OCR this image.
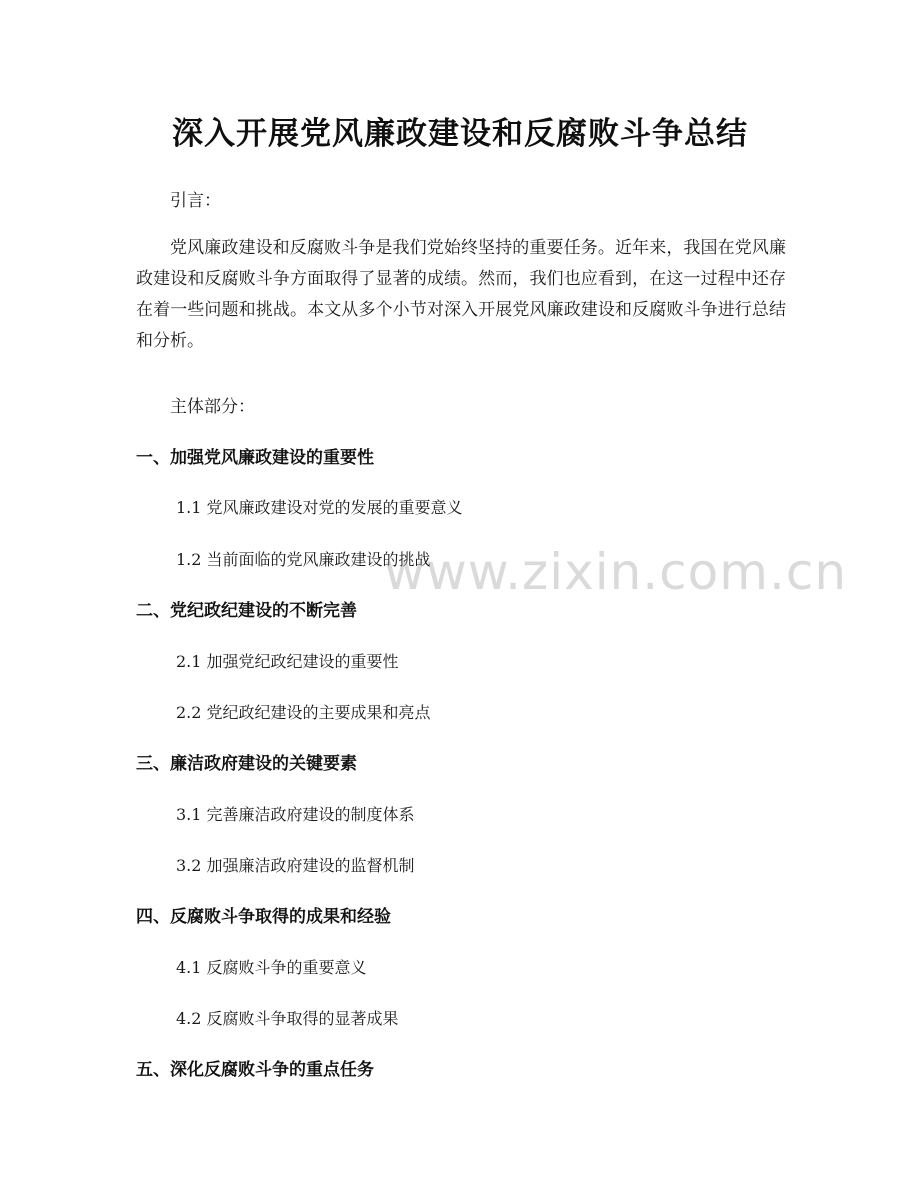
深入开展党风廉政建设和反腐败斗争总结
引言：
党风廉政建设和反腐败斗争是我们党始终坚持的重要任务。近年来，我国在党风廉政建设和反腐败斗争方面取得了显著的成绩。然而，我们也应看到，在这一过程中还存在着一些问题和挑战。本文从多个小节对深入开展党风廉政建设和反腐败斗争进行总结和分析。
主体部分：
一、加强党风廉政建设的重要性
1.1 党风廉政建设对党的发展的重要意义
1.2 当前面临的党风廉政建设的挑战
二、党纪政纪建设的不断完善
2.1 加强党纪政纪建设的重要性
2.2 党纪政纪建设的主要成果和亮点
三、廉洁政府建设的关键要素
3.1 完善廉洁政府建设的制度体系
3.2 加强廉洁政府建设的监督机制
四、反腐败斗争取得的成果和经验
4.1 反腐败斗争的重要意义
4.2 反腐败斗争取得的显著成果
五、深化反腐败斗争的重点任务
www.zixin.com.cn
